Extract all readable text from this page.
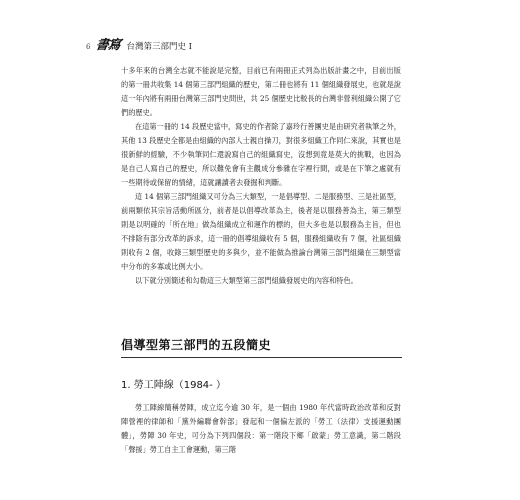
6 書寫 台灣第三部門史 I

十多年來的台灣全志就不能說是完整，目前已有兩冊正式列為出版計畫之中，目前出版的第一冊共收集 14 個第三部門組織的歷史，第二冊也將有 11 個組織發展史，也就是說這一年內將有兩冊台灣第三部門史問世，共 25 個歷史比較長的台灣非營利組織公開了它們的歷史。

在這第一冊的 14 段歷史當中，寫史的作者除了嘉玲行善團史是由研究者執筆之外，其他 13 段歷史全都是由組織的內部人士親自操刀，對很多組織工作同仁來說，其實也是很新鮮的經驗，不少執筆同仁還說寫自己的組織寫史，沒想到竟是莫大的挑戰，也因為是自己人寫自己的歷史，所以難免會有主觀成分參雜在字裡行間，或是在下筆之處就有一些期待或保留的情緒，這就讓讀者去發掘和判斷。

這 14 個第三部門組織又可分為三大類型，一是倡導型、二是服務型、三是社區型，前兩類依其宗旨活動所區分，前者是以倡導改革為主，後者是以服務善為主，第三類型則是以明確的「所在地」做為組織成立和運作的標的，但大多也是以服務為主旨，但也不排除有部分改革的訴求，這一冊的倡導組織收有 5 個，服務組織收有 7 個，社區組織則收有 2 個，收錄三類型歷史的多與少，並不能做為推論台灣第三部門組織在三類型當中分布的多寡或比例大小。

以下就分別簡述和勾勒這三大類型第三部門組織發展史的內容和特色。

倡導型第三部門的五段簡史
1. 勞工陣線（1984- ）

勞工陣線簡稱勞陣，成立迄今逾 30 年，是一個由 1980 年代當時政治改革和反對陣營裡的律師和「黨外編聯會幹部」發起和一個偏左派的「勞工（法律）支援運動團體」，勞陣 30 年史，可分為下列四個段：第一階段下鄉「啟蒙」勞工意識，第二階段「聲援」勞工自主工會運動，第三階
